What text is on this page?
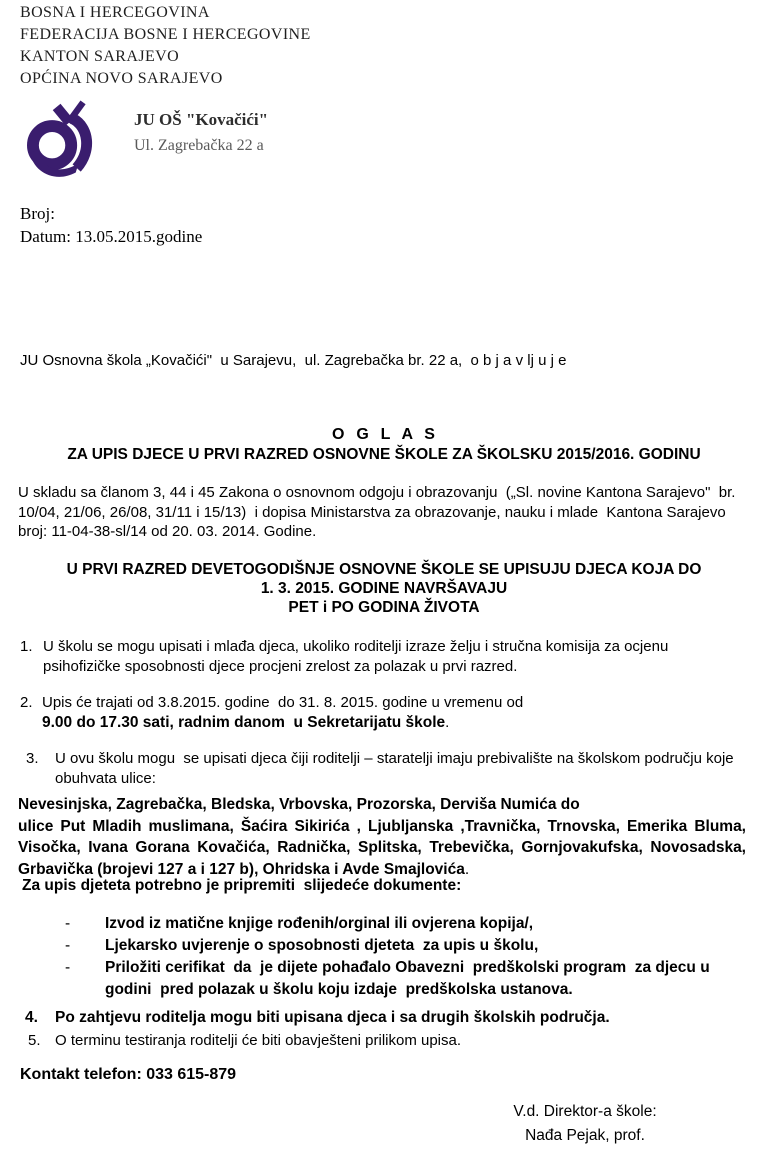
BOSNA I HERCEGOVINA
FEDERACIJA BOSNE I HERCEGOVINE
KANTON SARAJEVO
OPĆINA NOVO SARAJEVO
JU OŠ "Kovačići"
Ul. Zagrebačka 22 a
Broj:
Datum: 13.05.2015.godine
JU Osnovna škola „Kovačići"  u Sarajevu,  ul. Zagrebačka br. 22 a,  o b j a v lj u j e
O  G  L  A  S
ZA UPIS DJECE U PRVI RAZRED OSNOVNE ŠKOLE ZA ŠKOLSKU 2015/2016. GODINU
U skladu sa članom 3, 44 i 45 Zakona o osnovnom odgoju i obrazovanju  („Sl. novine Kantona Sarajevo"  br. 10/04, 21/06, 26/08, 31/11 i 15/13)  i dopisa Ministarstva za obrazovanje, nauku i mlade  Kantona Sarajevo broj: 11-04-38-sl/14 od 20. 03. 2014. Godine.
U PRVI RAZRED DEVETOGODIŠNJE OSNOVNE ŠKOLE SE UPISUJU DJECA KOJA DO
1. 3. 2015. GODINE NAVRŠAVAJU
PET i PO GODINA ŽIVOTA
1. U školu se mogu upisati i mlađa djeca, ukoliko roditelji izraze želju i stručna komisija za ocjenu psihofizičke sposobnosti djece procjeni zrelost za polazak u prvi razred.
2. Upis će trajati od 3.8.2015. godine  do 31. 8. 2015. godine u vremenu od
9.00 do 17.30 sati, radnim danom  u Sekretarijatu škole.
3.	U ovu školu mogu  se upisati djeca čiji roditelji – staratelji imaju prebivalište na školskom području koje obuhvata ulice:
Nevesinjska, Zagrebačka, Bledska, Vrbovska, Prozorska, Derviša Numića do
ulice Put Mladih muslimana, Šaćira Sikirića , Ljubljanska ,Travnička, Trnovska, Emerika Bluma, Visočka, Ivana Gorana Kovačića, Radnička, Splitska, Trebevička, Gornjovakufska, Novosadska, Grbavička (brojevi 127 a i 127 b), Ohridska i Avde Smajlovića.
Za upis djeteta potrebno je pripremiti  slijedeće dokumente:
-	Izvod iz matične knjige rođenih/orginal ili ovjerena kopija/,
-	Ljekarsko uvjerenje o sposobnosti djeteta  za upis u školu,
-	Priložiti cerifikat  da  je dijete pohađalo Obavezni  predškolski program  za djecu u godini  pred polazak u školu koju izdaje  predškolska ustanova.
4.	Po zahtjevu roditelja mogu biti upisana djeca i sa drugih školskih područja.
5. O terminu testiranja roditelji će biti obavješteni prilikom upisa.
Kontakt telefon: 033 615-879
V.d. Direktor-a škole:
Nađa Pejak, prof.
